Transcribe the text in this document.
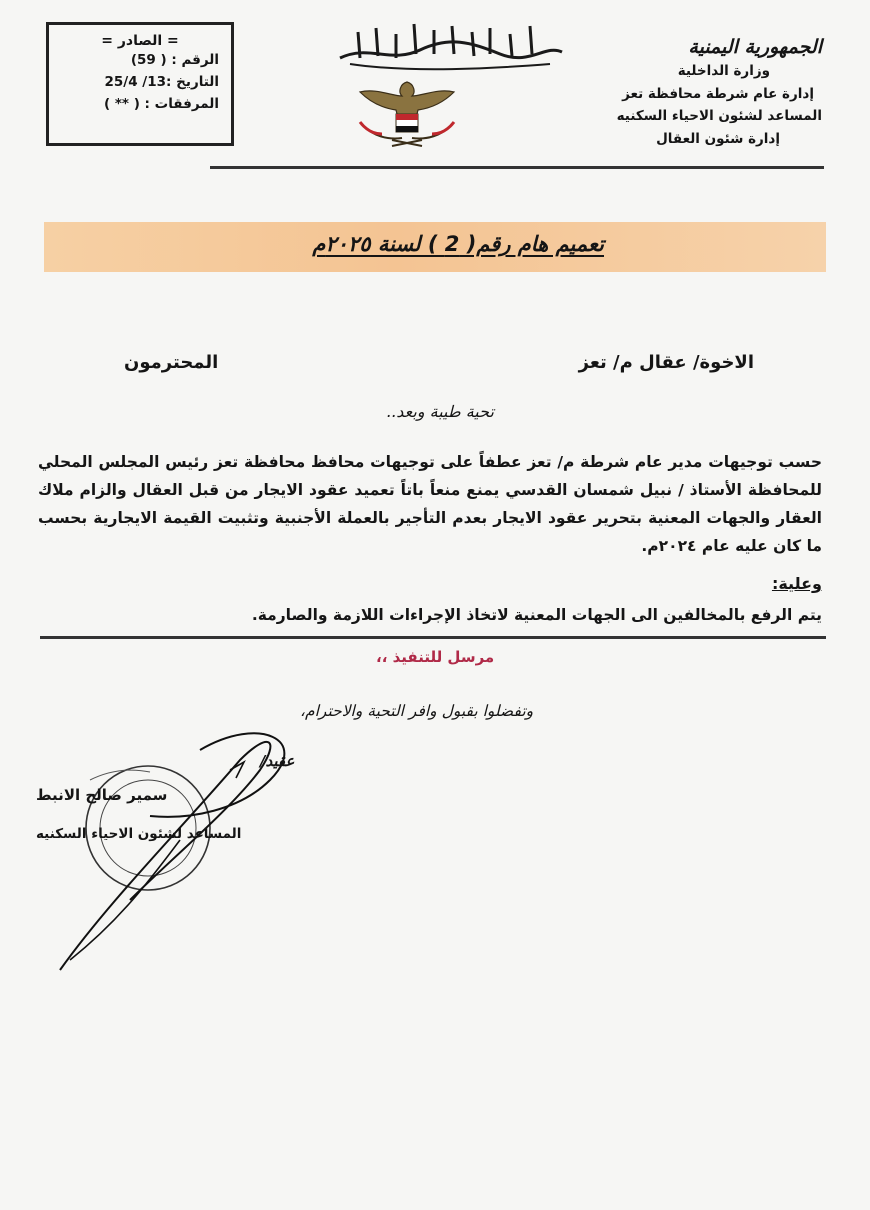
الجمهورية اليمنية
وزارة الداخلية
إدارة عام شرطة محافظة تعز
المساعد لشئون الاحياء السكنيه
إدارة شئون العقال
= الصادر =
الرقم : ( 59)
التاريخ :13/ 25/4
المرفقات : ( ** )
تعميم هام رقم( 2 ) لسنة ٢٠٢٥م
الاخوة/ عقال م/ تعز
المحترمون
تحية طيبة وبعد..
حسب توجيهات مدير عام شرطة م/ تعز عطفاً على توجيهات محافظ محافظة تعز رئيس المجلس المحلي للمحافظة الأستاذ / نبيل شمسان القدسي يمنع منعاً باتاً تعميد عقود الايجار من قبل العقال والزام ملاك العقار والجهات المعنية بتحرير عقود الايجار بعدم التأجير بالعملة الأجنبية وتثبيت القيمة الايجارية بحسب ما كان عليه عام ٢٠٢٤م.
وعلية:
يتم الرفع بالمخالفين الى الجهات المعنية لاتخاذ الإجراءات اللازمة والصارمة.
مرسل للتنفيذ ،،
وتفضلوا بقبول وافر التحية والاحترام،
عقيد/
سمير صالح الانبط
المساعد لشئون الاحياء السكنيه
